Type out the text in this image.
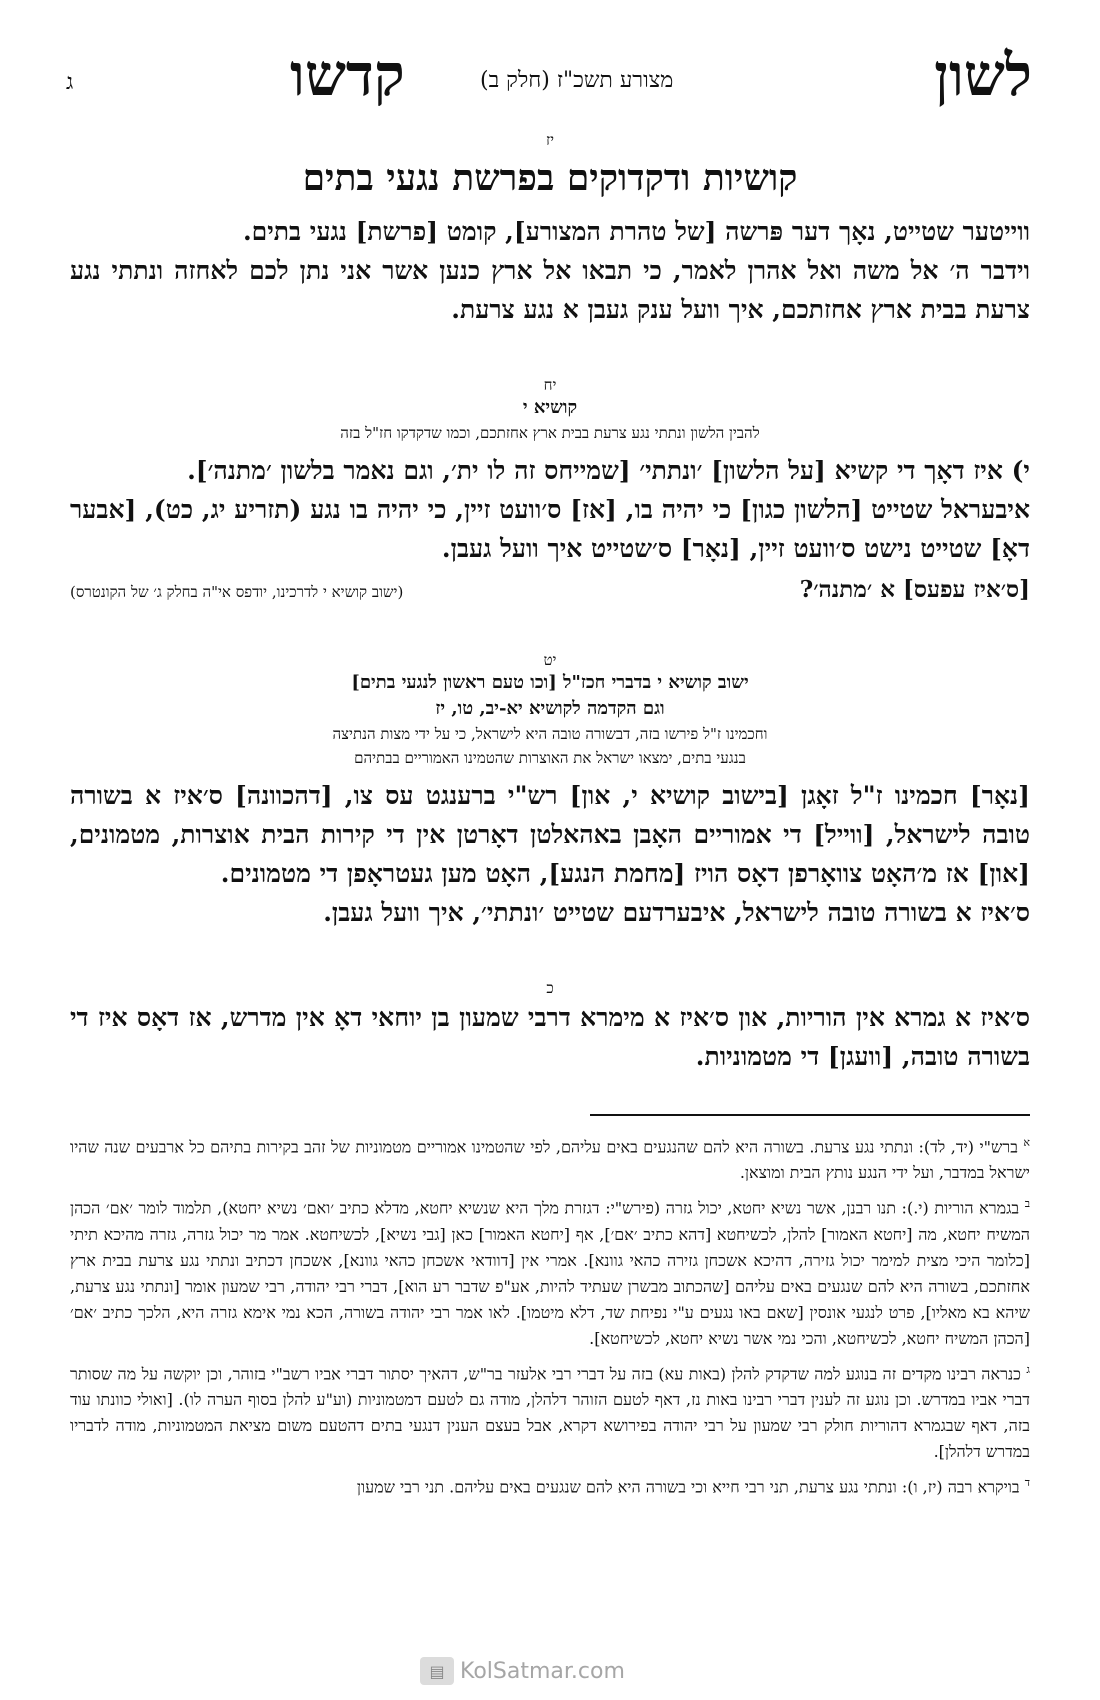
לשון
מצורע תשכ"ז (חלק ב)
קדשו
ג
יז
קושיות ודקדוקים בפרשת נגעי בתים

ווייטער שטייט, נאָך דער פּרשה [של טהרת המצורע], קומט [פרשת] נגעי בתים.

וידבר ה׳ אל משה ואל אהרן לאמר, כי תבאו אל ארץ כנען אשר אני נתן לכם לאחזה ונתתי נגע צרעת בבית ארץ אחזתכם, איך וועל ענק געבן א נגע צרעת.

יח
קושיא י
להבין הלשון ונתתי נגע צרעת בבית ארץ אחזתכם, וכמו שדקדקו חז"ל בזה

י) איז דאָך די קשיא [על הלשון] ׳ונתתי׳ [שמייחס זה לו ית׳, וגם נאמר בלשון ׳מתנה׳].

איבעראל שטייט [הלשון כגון] כי יהיה בו, [אז] ס׳וועט זיין, כי יהיה בו נגע (תזריע יג, כט), [אבער דאָ] שטייט נישט ס׳וועט זיין, [נאָר] ס׳שטייט איך וועל געבן.

[ס׳איז עפעס] א ׳מתנה׳?
(ישוב קושיא י לדרכינו, יודפס אי"ה בחלק ג׳ של הקונטרס)
יט
ישוב קושיא י בדברי חכז"ל [וכו טעם ראשון לנגעי בתים]
וגם הקדמה לקושיא יא-יב, טו, יז
וחכמינו ז"ל פירשו בזה, דבשורה טובה היא לישראל, כי על ידי מצות הנתיצה
בנגעי בתים, ימצאו ישראל את האוצרות שהטמינו האמוריים בבתיהם

[נאָר] חכמינו ז"ל זאָגן [בישוב קושיא י, און] רש"י ברענגט עס צו, [דהכוונה] ס׳איז א בשורה טובה לישראל, [ווייל] די אמוריים האָבן באהאלטן דאָרטן אין די קירות הבית אוצרות, מטמונים, [און] אז מ׳האָט צוואָרפן דאָס הויז [מחמת הנגע], האָט מען געטראָפן די מטמונים.

ס׳איז א בשורה טובה לישראל, איבערדעם שטייט ׳ונתתי׳, איך וועל געבן.

כ

ס׳איז א גמרא אין הוריות, און ס׳איז א מימרא דרבי שמעון בן יוחאי דאָ אין מדרש, אז דאָס איז די בשורה טובה, [וועגן] די מטמוניות.

$^א$ ברש"י (יד, לד): ונתתי נגע צרעת. בשורה היא להם שהנגעים באים עליהם, לפי שהטמינו אמוריים מטמוניות של זהב בקירות בתיהם כל ארבעים שנה שהיו ישראל במדבר, ועל ידי הנגע נותץ הבית ומוצאן.

$^ב$ בגמרא הוריות (י.): תנו רבנן, אשר נשיא יחטא, יכול גזרה (פירש"י: דגזרת מלך היא שנשיא יחטא, מדלא כתיב ׳ואם׳ נשיא יחטא), תלמוד לומר ׳אם׳ הכהן המשיח יחטא, מה [יחטא האמור] להלן, לכשיחטא [דהא כתיב ׳אם׳], אף [יחטא האמור] כאן [גבי נשיא], לכשיחטא. אמר מר יכול גזרה, גזרה מהיכא תיתי [כלומר היכי מצית למימר יכול גזירה, דהיכא אשכחן גזירה כהאי גוונא]. אמרי אין [דוודאי אשכחן כהאי גוונא], אשכחן דכתיב ונתתי נגע צרעת בבית ארץ אחזתכם, בשורה היא להם שנגעים באים עליהם [שהכתוב מבשרן שעתיד להיות, אע"פ שדבר רע הוא], דברי רבי יהודה, רבי שמעון אומר [ונתתי נגע צרעת, שיהא בא מאליו], פרט לנגעי אונסין [שאם באו נגעים ע"י נפיחת שד, דלא מיטמו]. לאו אמר רבי יהודה בשורה, הכא נמי אימא גזרה היא, הלכך כתיב ׳אם׳ [הכהן המשיח יחטא, לכשיחטא, והכי נמי אשר נשיא יחטא, לכשיחטא].

$^ג$ כנראה רבינו מקדים זה בנוגע למה שדקדק להלן (באות עא) בזה על דברי רבי אלעזר בר"ש, דהאיך יסתור דברי אביו רשב"י בזוהר, וכן יוקשה על מה שסותר דברי אביו במדרש. וכן נוגע זה לענין דברי רבינו באות נז, דאף לטעם הזוהר דלהלן, מודה גם לטעם דמטמוניות (וע"ע להלן בסוף הערה לו). [ואולי כוונתו עוד בזה, דאף שבגמרא דהוריות חולק רבי שמעון על רבי יהודה בפירושא דקרא, אבל בעצם הענין דנגעי בתים דהטעם משום מציאת המטמוניות, מודה לדבריו במדרש דלהלן].

$^ד$ בויקרא רבה (יז, ו): ונתתי נגע צרעת, תני רבי חייא וכי בשורה היא להם שנגעים באים עליהם. תני רבי שמעון

▤ KolSatmar.com
